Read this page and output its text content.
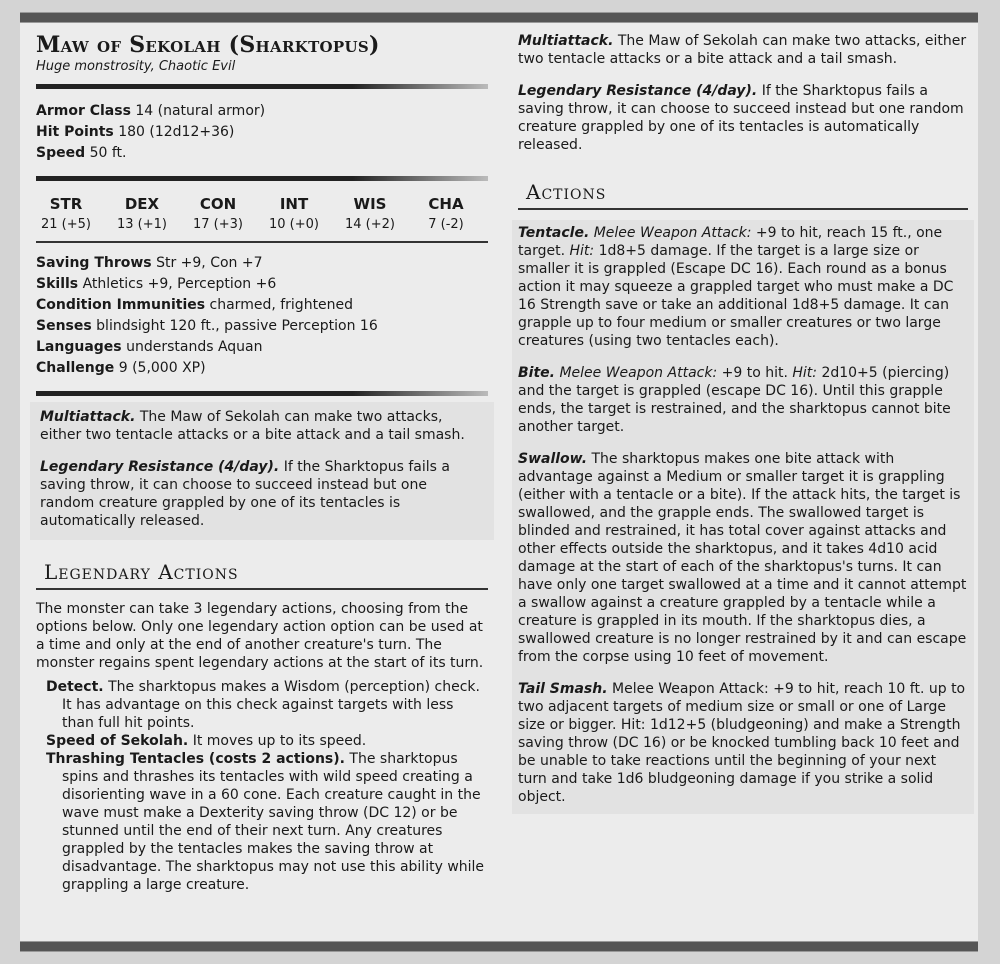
Maw of Sekolah (Sharktopus)
Huge monstrosity, Chaotic Evil
Armor Class 14 (natural armor)
Hit Points 180 (12d12+36)
Speed 50 ft.
STR
21 (+5)
DEX
13 (+1)
CON
17 (+3)
INT
10 (+0)
WIS
14 (+2)
CHA
7 (-2)
Saving Throws Str +9, Con +7
Skills Athletics +9, Perception +6
Condition Immunities charmed, frightened
Senses blindsight 120 ft., passive Perception 16
Languages understands Aquan
Challenge 9 (5,000 XP)
Multiattack. The Maw of Sekolah can make two attacks, either two tentacle attacks or a bite attack and a tail smash.
Legendary Resistance (4/day). If the Sharktopus fails a saving throw, it can choose to succeed instead but one random creature grappled by one of its tentacles is automatically released.
Legendary Actions
The monster can take 3 legendary actions, choosing from the options below. Only one legendary action option can be used at a time and only at the end of another creature's turn. The monster regains spent legendary actions at the start of its turn.
Detect. The sharktopus makes a Wisdom (perception) check. It has advantage on this check against targets with less than full hit points.
Speed of Sekolah. It moves up to its speed.
Thrashing Tentacles (costs 2 actions). The sharktopus spins and thrashes its tentacles with wild speed creating a disorienting wave in a 60 cone. Each creature caught in the wave must make a Dexterity saving throw (DC 12) or be stunned until the end of their next turn. Any creatures grappled by the tentacles makes the saving throw at disadvantage. The sharktopus may not use this ability while grappling a large creature.
Multiattack. The Maw of Sekolah can make two attacks, either two tentacle attacks or a bite attack and a tail smash.
Legendary Resistance (4/day). If the Sharktopus fails a saving throw, it can choose to succeed instead but one random creature grappled by one of its tentacles is automatically released.
Actions
Tentacle. Melee Weapon Attack: +9 to hit, reach 15 ft., one target. Hit: 1d8+5 damage. If the target is a large size or smaller it is grappled (Escape DC 16). Each round as a bonus action it may squeeze a grappled target who must make a DC 16 Strength save or take an additional 1d8+5 damage. It can grapple up to four medium or smaller creatures or two large creatures (using two tentacles each).
Bite. Melee Weapon Attack: +9 to hit. Hit: 2d10+5 (piercing) and the target is grappled (escape DC 16). Until this grapple ends, the target is restrained, and the sharktopus cannot bite another target.
Swallow. The sharktopus makes one bite attack with advantage against a Medium or smaller target it is grappling (either with a tentacle or a bite). If the attack hits, the target is swallowed, and the grapple ends. The swallowed target is blinded and restrained, it has total cover against attacks and other effects outside the sharktopus, and it takes 4d10 acid damage at the start of each of the sharktopus's turns. It can have only one target swallowed at a time and it cannot attempt a swallow against a creature grappled by a tentacle while a creature is grappled in its mouth. If the sharktopus dies, a swallowed creature is no longer restrained by it and can escape from the corpse using 10 feet of movement.
Tail Smash. Melee Weapon Attack: +9 to hit, reach 10 ft. up to two adjacent targets of medium size or small or one of Large size or bigger. Hit: 1d12+5 (bludgeoning) and make a Strength saving throw (DC 16) or be knocked tumbling back 10 feet and be unable to take reactions until the beginning of your next turn and take 1d6 bludgeoning damage if you strike a solid object.
